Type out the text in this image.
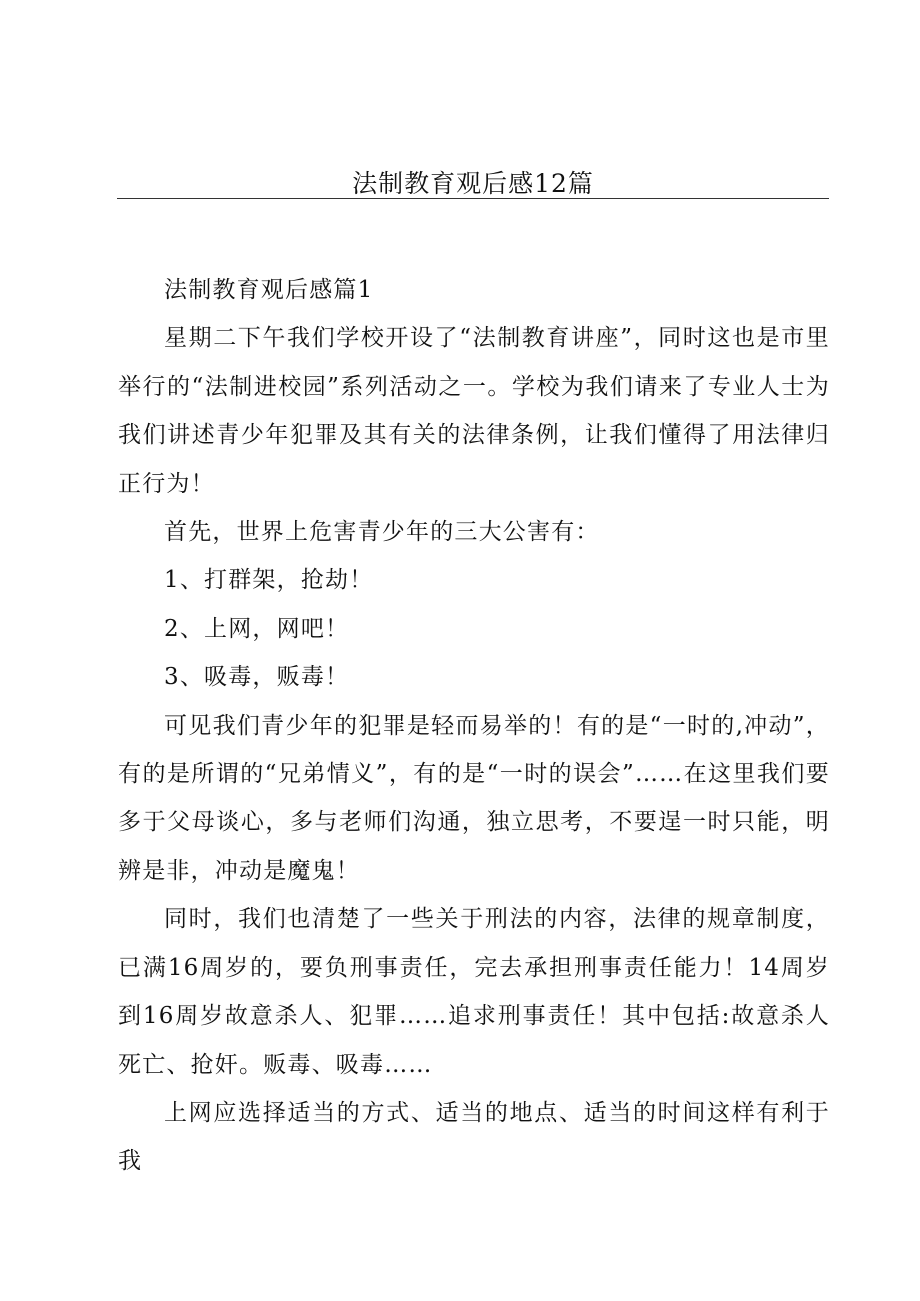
法制教育观后感12篇

法制教育观后感篇1

星期二下午我们学校开设了“法制教育讲座”，同时这也是市里举行的“法制进校园”系列活动之一。学校为我们请来了专业人士为我们讲述青少年犯罪及其有关的法律条例，让我们懂得了用法律归正行为！

首先，世界上危害青少年的三大公害有：

1、打群架，抢劫！

2、上网，网吧！

3、吸毒，贩毒！

可见我们青少年的犯罪是轻而易举的！有的是“一时的,冲动”，有的是所谓的“兄弟情义”，有的是“一时的误会”……在这里我们要多于父母谈心，多与老师们沟通，独立思考，不要逞一时只能，明辨是非，冲动是魔鬼！

同时，我们也清楚了一些关于刑法的内容，法律的规章制度，已满16周岁的，要负刑事责任，完去承担刑事责任能力！14周岁到16周岁故意杀人、犯罪……追求刑事责任！其中包括:故意杀人死亡、抢奸。贩毒、吸毒……

上网应选择适当的方式、适当的地点、适当的时间这样有利于我
